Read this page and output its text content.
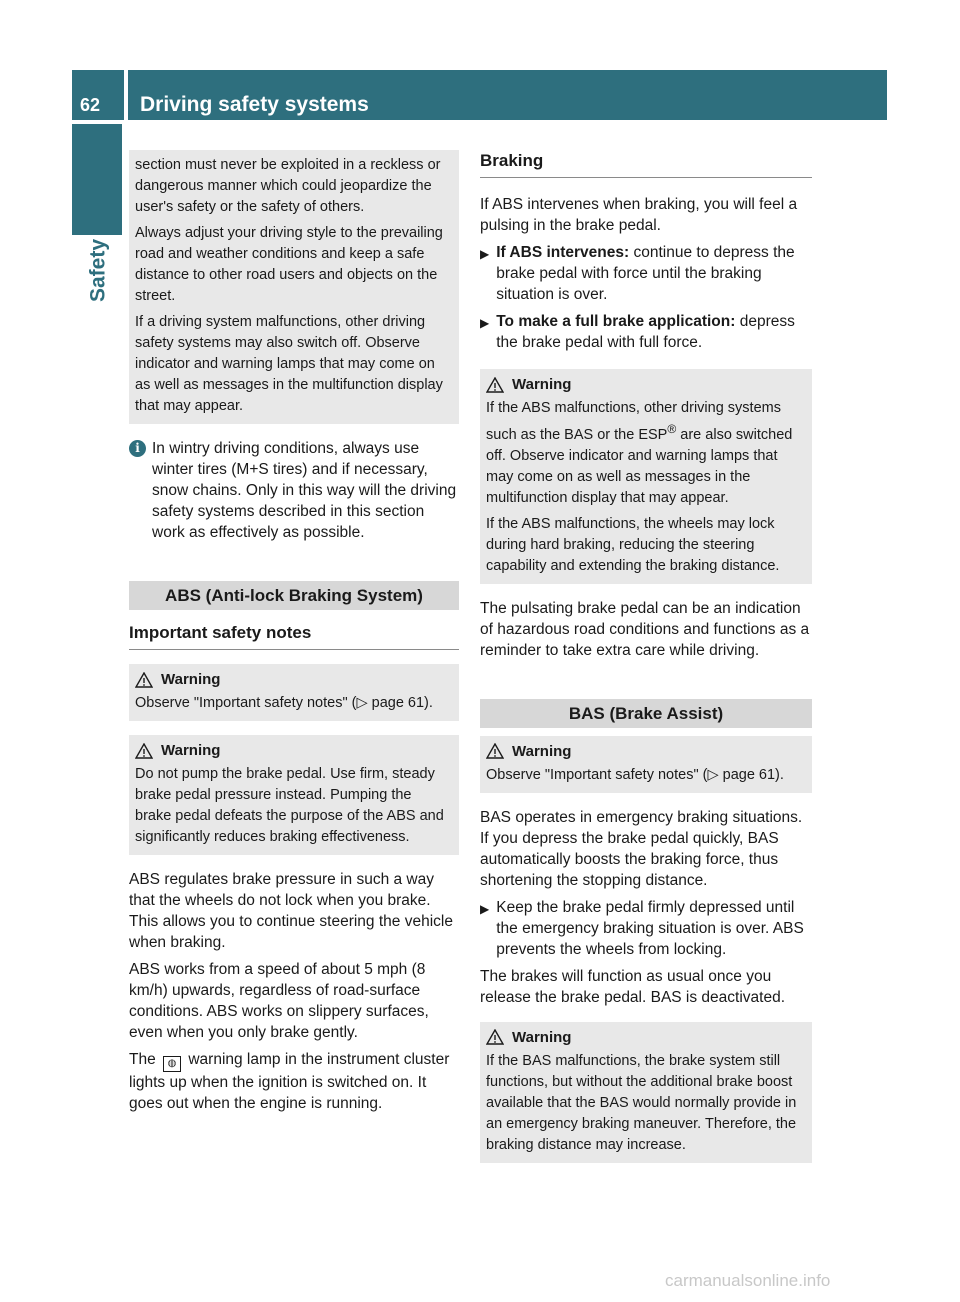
62 Driving safety systems
Safety

section must never be exploited in a reckless or dangerous manner which could jeopardize the user's safety or the safety of others.

Always adjust your driving style to the prevailing road and weather conditions and keep a safe distance to other road users and objects on the street.

If a driving system malfunctions, other driving safety systems may also switch off. Observe indicator and warning lamps that may come on as well as messages in the multifunction display that may appear.

i In wintry driving conditions, always use winter tires (M+S tires) and if necessary, snow chains. Only in this way will the driving safety systems described in this section work as effectively as possible.
ABS (Anti-lock Braking System)
Important safety notes
Warning

Observe "Important safety notes" (▷ page 61).

Warning

Do not pump the brake pedal. Use firm, steady brake pedal pressure instead. Pumping the brake pedal defeats the purpose of the ABS and significantly reduces braking effectiveness.

ABS regulates brake pressure in such a way that the wheels do not lock when you brake. This allows you to continue steering the vehicle when braking.

ABS works from a speed of about 5 mph (8 km/h) upwards, regardless of road-surface conditions. ABS works on slippery surfaces, even when you only brake gently.

The ◍ warning lamp in the instrument cluster lights up when the ignition is switched on. It goes out when the engine is running.

Braking

If ABS intervenes when braking, you will feel a pulsing in the brake pedal.

▶ If ABS intervenes: continue to depress the brake pedal with force until the braking situation is over.
▶ To make a full brake application: depress the brake pedal with full force.
Warning

If the ABS malfunctions, other driving systems such as the BAS or the ESP® are also switched off. Observe indicator and warning lamps that may come on as well as messages in the multifunction display that may appear.

If the ABS malfunctions, the wheels may lock during hard braking, reducing the steering capability and extending the braking distance.

The pulsating brake pedal can be an indication of hazardous road conditions and functions as a reminder to take extra care while driving.

BAS (Brake Assist)
Warning

Observe "Important safety notes" (▷ page 61).

BAS operates in emergency braking situations. If you depress the brake pedal quickly, BAS automatically boosts the braking force, thus shortening the stopping distance.

▶ Keep the brake pedal firmly depressed until the emergency braking situation is over. ABS prevents the wheels from locking.

The brakes will function as usual once you release the brake pedal. BAS is deactivated.

Warning

If the BAS malfunctions, the brake system still functions, but without the additional brake boost available that the BAS would normally provide in an emergency braking maneuver. Therefore, the braking distance may increase.

carmanualsonline.info
